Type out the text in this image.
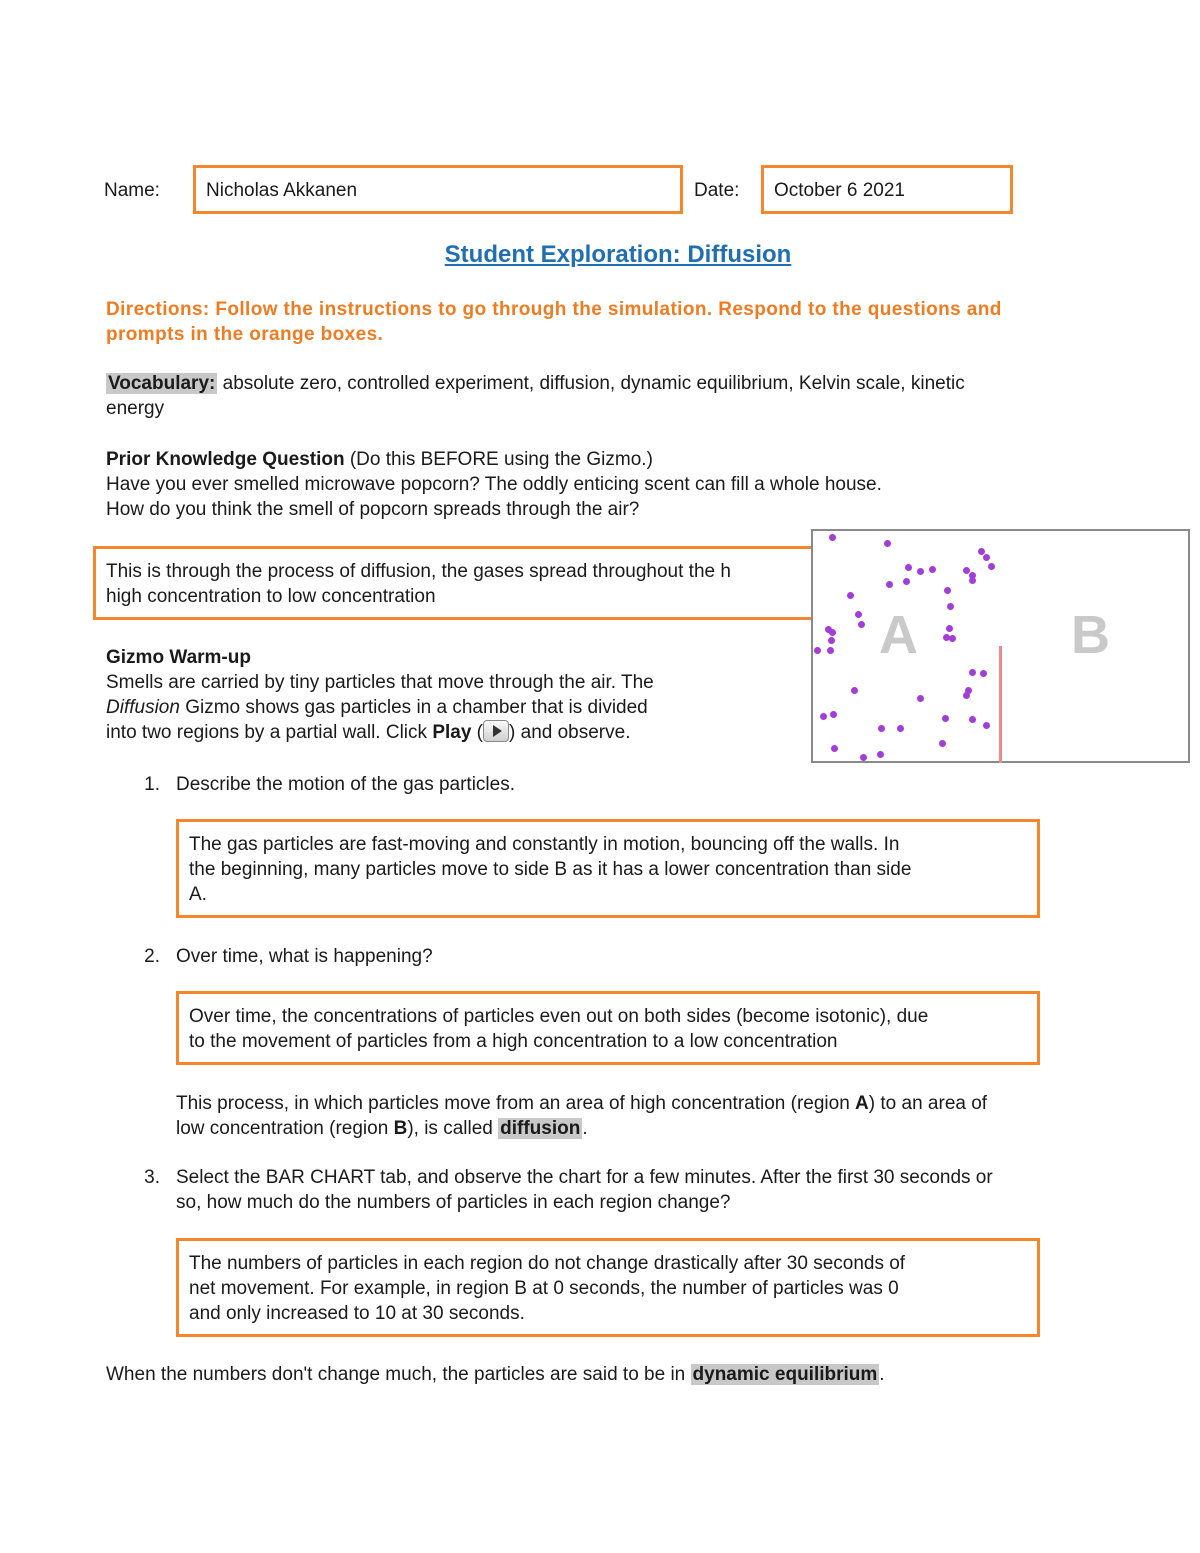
Name:	Nicholas Akkanen	Date:	October 6 2021
Student Exploration: Diffusion
Directions: Follow the instructions to go through the simulation. Respond to the questions and
prompts in the orange boxes.
Vocabulary: absolute zero, controlled experiment, diffusion, dynamic equilibrium, Kelvin scale, kinetic
energy
Prior Knowledge Question (Do this BEFORE using the Gizmo.)
Have you ever smelled microwave popcorn? The oddly enticing scent can fill a whole house.
How do you think the smell of popcorn spreads through the air?
This is through the process of diffusion, the gases spread throughout the h
high concentration to low concentration
A	B
Gizmo Warm-up
Smells are carried by tiny particles that move through the air. The
Diffusion Gizmo shows gas particles in a chamber that is divided
into two regions by a partial wall. Click Play ( ) and observe.
1. Describe the motion of the gas particles.
The gas particles are fast-moving and constantly in motion, bouncing off the walls. In
the beginning, many particles move to side B as it has a lower concentration than side
A.
2. Over time, what is happening?
Over time, the concentrations of particles even out on both sides (become isotonic), due
to the movement of particles from a high concentration to a low concentration
This process, in which particles move from an area of high concentration (region A) to an area of
low concentration (region B), is called diffusion .
3. Select the BAR CHART tab, and observe the chart for a few minutes. After the first 30 seconds or
so, how much do the numbers of particles in each region change?
The numbers of particles in each region do not change drastically after 30 seconds of
net movement. For example, in region B at 0 seconds, the number of particles was 0
and only increased to 10 at 30 seconds.
When the numbers don't change much, the particles are said to be in dynamic equilibrium .
